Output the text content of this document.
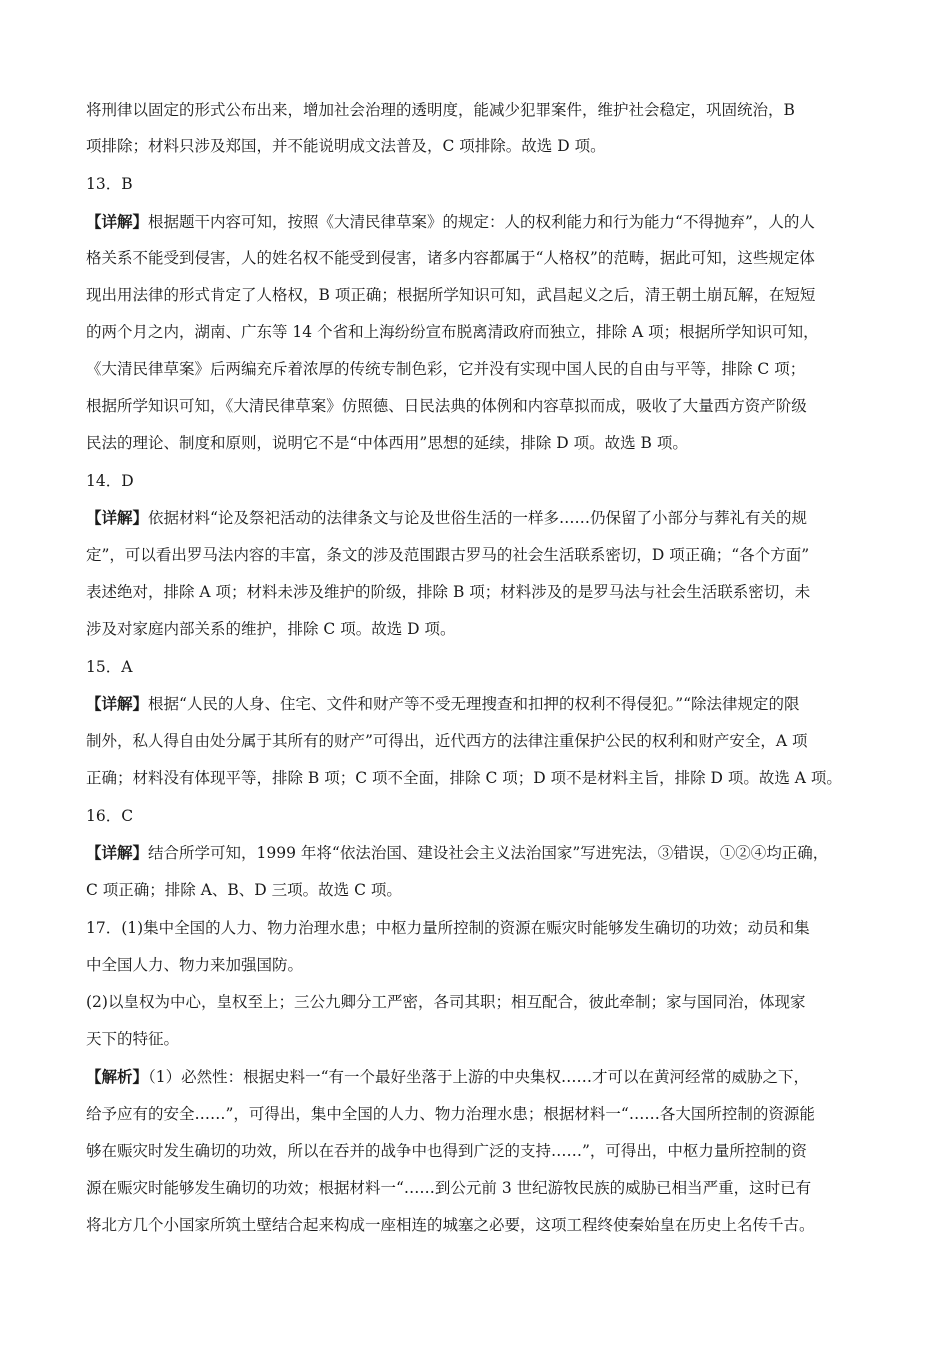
将刑律以固定的形式公布出来，增加社会治理的透明度，能减少犯罪案件，维护社会稳定，巩固统治，B
项排除；材料只涉及郑国，并不能说明成文法普及，C 项排除。故选 D 项。
13．B
【详解】根据题干内容可知，按照《大清民律草案》的规定：人的权利能力和行为能力“不得抛弃”，人的人
格关系不能受到侵害，人的姓名权不能受到侵害，诸多内容都属于“人格权”的范畴，据此可知，这些规定体
现出用法律的形式肯定了人格权，B 项正确；根据所学知识可知，武昌起义之后，清王朝土崩瓦解，在短短
的两个月之内，湖南、广东等 14 个省和上海纷纷宣布脱离清政府而独立，排除 A 项；根据所学知识可知，
《大清民律草案》后两编充斥着浓厚的传统专制色彩，它并没有实现中国人民的自由与平等，排除 C 项；
根据所学知识可知，《大清民律草案》仿照德、日民法典的体例和内容草拟而成，吸收了大量西方资产阶级
民法的理论、制度和原则，说明它不是“中体西用”思想的延续，排除 D 项。故选 B 项。
14．D
【详解】依据材料“论及祭祀活动的法律条文与论及世俗生活的一样多……仍保留了小部分与葬礼有关的规
定”，可以看出罗马法内容的丰富，条文的涉及范围跟古罗马的社会生活联系密切，D 项正确；“各个方面”
表述绝对，排除 A 项；材料未涉及维护的阶级，排除 B 项；材料涉及的是罗马法与社会生活联系密切，未
涉及对家庭内部关系的维护，排除 C 项。故选 D 项。
15．A
【详解】根据“人民的人身、住宅、文件和财产等不受无理搜查和扣押的权利不得侵犯。”“除法律规定的限
制外，私人得自由处分属于其所有的财产”可得出，近代西方的法律注重保护公民的权利和财产安全，A 项
正确；材料没有体现平等，排除 B 项；C 项不全面，排除 C 项；D 项不是材料主旨，排除 D 项。故选 A 项。
16．C
【详解】结合所学可知，1999 年将“依法治国、建设社会主义法治国家”写进宪法，③错误，①②④均正确，
C 项正确；排除 A、B、D 三项。故选 C 项。
17．(1)集中全国的人力、物力治理水患；中枢力量所控制的资源在赈灾时能够发生确切的功效；动员和集
中全国人力、物力来加强国防。
(2)以皇权为中心，皇权至上；三公九卿分工严密，各司其职；相互配合，彼此牵制；家与国同治，体现家
天下的特征。
【解析】（1）必然性：根据史料一“有一个最好坐落于上游的中央集权……才可以在黄河经常的威胁之下，
给予应有的安全……”，可得出，集中全国的人力、物力治理水患；根据材料一“……各大国所控制的资源能
够在赈灾时发生确切的功效，所以在吞并的战争中也得到广泛的支持……”，可得出，中枢力量所控制的资
源在赈灾时能够发生确切的功效；根据材料一“……到公元前 3 世纪游牧民族的威胁已相当严重，这时已有
将北方几个小国家所筑土壁结合起来构成一座相连的城塞之必要，这项工程终使秦始皇在历史上名传千古。
